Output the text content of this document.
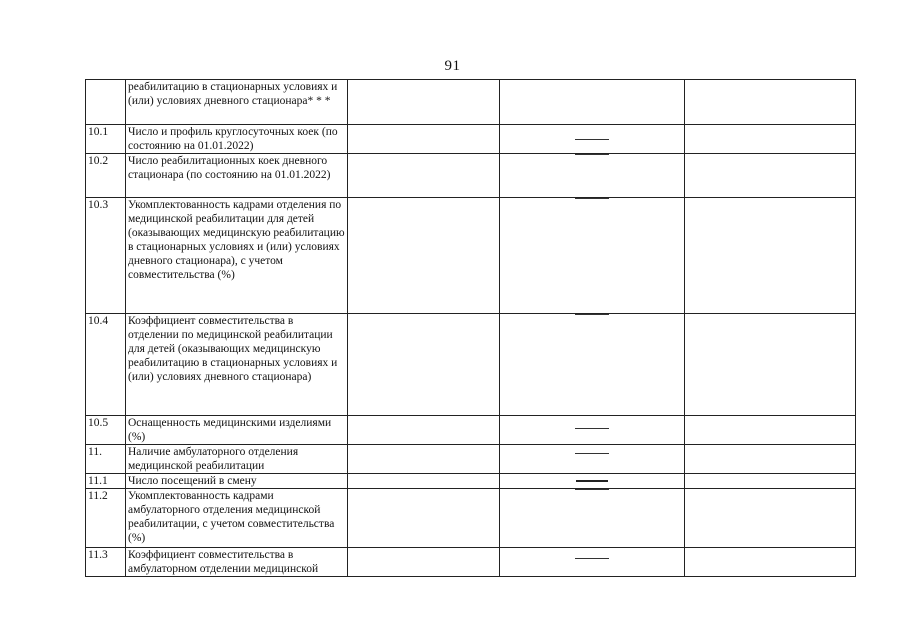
91
	реабилитацию в стационарных условиях и (или) условиях дневного стационара* * *			
10.1	Число и профиль круглосуточных коек (по состоянию на 01.01.2022)		

10.2	Число реабилитационных коек дневного стационара (по состоянию на 01.01.2022)		

10.3	Укомплектованность кадрами отделения по медицинской реабилитации для детей (оказывающих медицинскую реабилитацию в стационарных условиях и (или) условиях дневного стационара), с учетом совместительства (%)		

10.4	Коэффициент совместительства в отделении по медицинской реабилитации для детей (оказывающих медицинскую реабилитацию в стационарных условиях и (или) условиях дневного стационара)		

10.5	Оснащенность медицинскими изделиями (%)		

11.	Наличие амбулаторного отделения медицинской реабилитации		

11.1	Число посещений в смену		

11.2	Укомплектованность кадрами амбулаторного отделения медицинской реабилитации, с учетом совместительства (%)		

11.3	Коэффициент совместительства в амбулаторном отделении медицинской		
